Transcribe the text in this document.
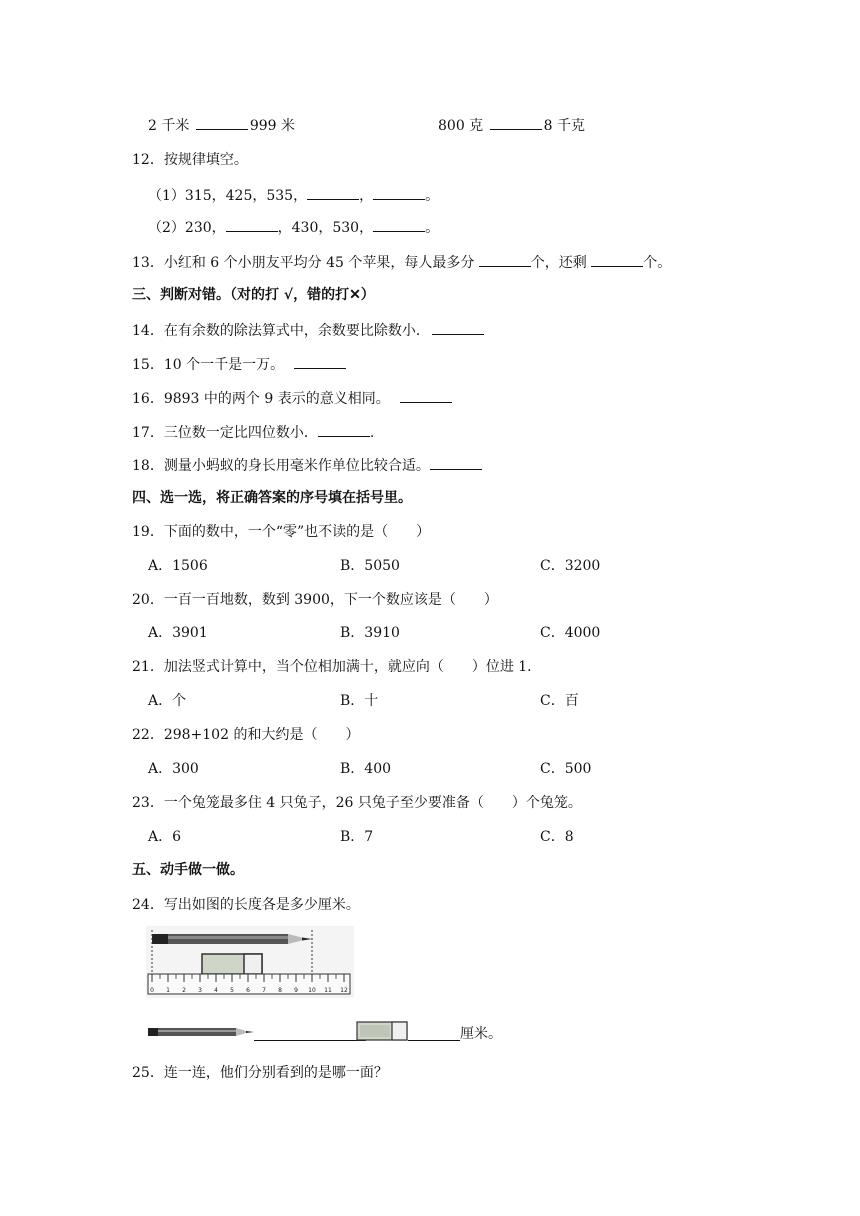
2 千米	999 米	800 克	8 千克
12．按规律填空。
（1）315，425，535，	，	。
（2）230，	，430，530，	。
13．小红和 6 个小朋友平均分 45 个苹果，每人最多分	个，还剩	个。
三、判断对错。（对的打 √，错的打✕）
14．在有余数的除法算式中，余数要比除数小．
15．10 个一千是一万。
16．9893 中的两个 9 表示的意义相同。
17．三位数一定比四位数小．	.
18．测量小蚂蚁的身长用毫米作单位比较合适。
四、选一选，将正确答案的序号填在括号里。
19．下面的数中，一个“零”也不读的是（　　）
A．1506	B．5050	C．3200
20．一百一百地数，数到 3900，下一个数应该是（　　）
A．3901	B．3910	C．4000
21．加法竖式计算中，当个位相加满十，就应向（　　）位进 1．
A．个	B．十	C．百
22．298+102 的和大约是（　　）
A．300	B．400	C．500
23．一个兔笼最多住 4 只兔子，26 只兔子至少要准备（　　）个兔笼。
A．6	B．7	C．8
五、动手做一做。
24．写出如图的长度各是多少厘米。
0 1 2 3 4 5 6 7 8 9 10 11 12
厘米。
25．连一连，他们分别看到的是哪一面？
